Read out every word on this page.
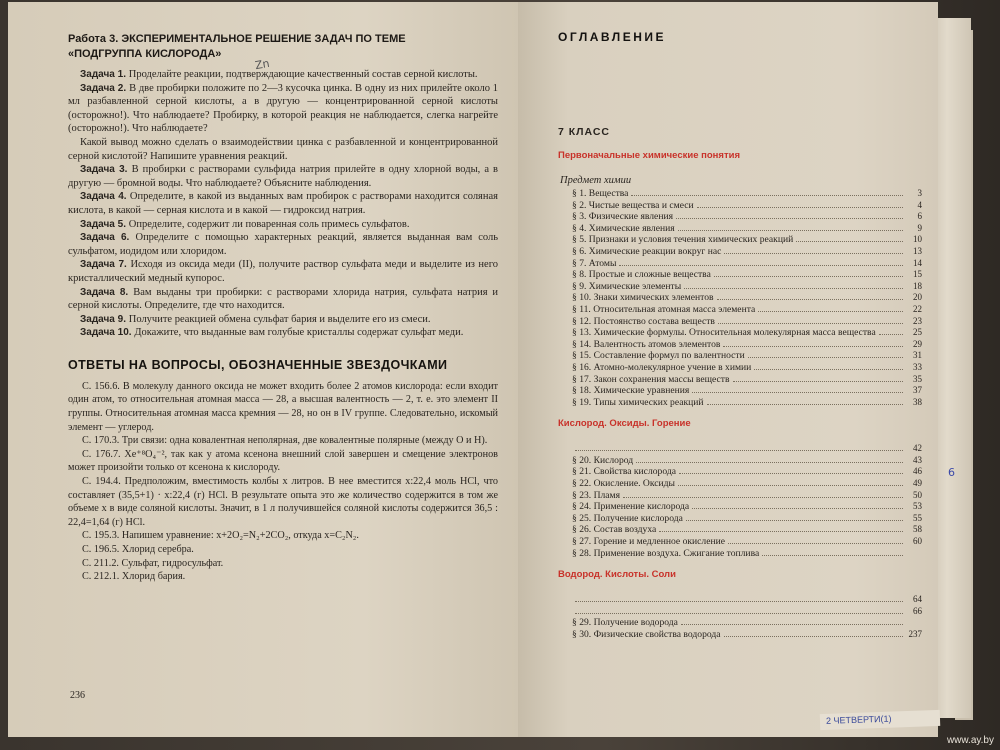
Работа 3. ЭКСПЕРИМЕНТАЛЬНОЕ РЕШЕНИЕ ЗАДАЧ ПО ТЕМЕ
«ПОДГРУППА КИСЛОРОДА»

Задача 1. Проделайте реакции, подтверждающие качественный состав серной кислоты.

Задача 2. В две пробирки положите по 2—3 кусочка цинка. В одну из них прилейте около 1 мл разбавленной серной кислоты, а в другую — концентрированной серной кислоты (осторожно!). Что наблюдаете? Пробирку, в которой реакция не наблюдается, слегка нагрейте (осторожно!). Что наблюдаете?

Какой вывод можно сделать о взаимодействии цинка с разбавленной и концентрированной серной кислотой? Напишите уравнения реакций.

Задача 3. В пробирки с растворами сульфида натрия прилейте в одну хлорной воды, а в другую — бромной воды. Что наблюдаете? Объясните наблюдения.

Задача 4. Определите, в какой из выданных вам пробирок с растворами находится соляная кислота, в какой — серная кислота и в какой — гидроксид натрия.

Задача 5. Определите, содержит ли поваренная соль примесь сульфатов.

Задача 6. Определите с помощью характерных реакций, является выданная вам соль сульфатом, иодидом или хлоридом.

Задача 7. Исходя из оксида меди (II), получите раствор сульфата меди и выделите из него кристаллический медный купорос.

Задача 8. Вам выданы три пробирки: с растворами хлорида натрия, сульфата натрия и серной кислоты. Определите, где что находится.

Задача 9. Получите реакцией обмена сульфат бария и выделите его из смеси.

Задача 10. Докажите, что выданные вам голубые кристаллы содержат сульфат меди.

ОТВЕТЫ НА ВОПРОСЫ, ОБОЗНАЧЕННЫЕ ЗВЕЗДОЧКАМИ

С. 156.6. В молекулу данного оксида не может входить более 2 атомов кислорода: если входит один атом, то относительная атомная масса — 28, а высшая валентность — 2, т. е. это элемент II группы. Относительная атомная масса кремния — 28, но он в IV группе. Следовательно, искомый элемент — углерод.

С. 170.3. Три связи: одна ковалентная неполярная, две ковалентные полярные (между O и H).

С. 176.7. Xe⁺⁸O₄⁻², так как у атома ксенона внешний слой завершен и смещение электронов может произойти только от ксенона к кислороду.

С. 194.4. Предположим, вместимость колбы x литров. В нее вместится x:22,4 моль HCl, что составляет (35,5+1) · x:22,4 (г) HCl. В результате опыта это же количество содержится в том же объеме x в виде соляной кислоты. Значит, в 1 л получившейся соляной кислоты содержится 36,5 : 22,4=1,64 (г) HCl.

С. 195.3. Напишем уравнение: x+2O₂=N₂+2CO₂, откуда x=C₂N₂.

С. 196.5. Хлорид серебра.

С. 211.2. Сульфат, гидросульфат.

С. 212.1. Хлорид бария.

236
Zn
ОГЛАВЛЕНИЕ
7 КЛАСС
Первоначальные химические понятия
Предмет химии
§ 1. Вещества	3
§ 2. Чистые вещества и смеси	4
§ 3. Физические явления	6
§ 4. Химические явления	9
§ 5. Признаки и условия течения химических реакций	10
§ 6. Химические реакции вокруг нас	13
§ 7. Атомы	14
§ 8. Простые и сложные вещества	15
§ 9. Химические элементы	18
§ 10. Знаки химических элементов	20
§ 11. Относительная атомная масса элемента	22
§ 12. Постоянство состава веществ	23
§ 13. Химические формулы. Относительная молекулярная масса вещества	25
§ 14. Валентность атомов элементов	29
§ 15. Составление формул по валентности	31
§ 16. Атомно-молекулярное учение в химии	33
§ 17. Закон сохранения массы веществ	35
§ 18. Химические уравнения	37
§ 19. Типы химических реакций	38
Кислород. Оксиды. Горение
42
§ 20. Кислород	43
§ 21. Свойства кислорода	46
§ 22. Окисление. Оксиды	49
§ 23. Пламя	50
§ 24. Применение кислорода	53
§ 25. Получение кислорода	55
§ 26. Состав воздуха	58
§ 27. Горение и медленное окисление	60
§ 28. Применение воздуха. Сжигание топлива
Водород. Кислоты. Соли
64
66
§ 29. Получение водорода
§ 30. Физические свойства водорода	237
6
2 ЧЕТВЕРТИ(1)
www.ay.by
